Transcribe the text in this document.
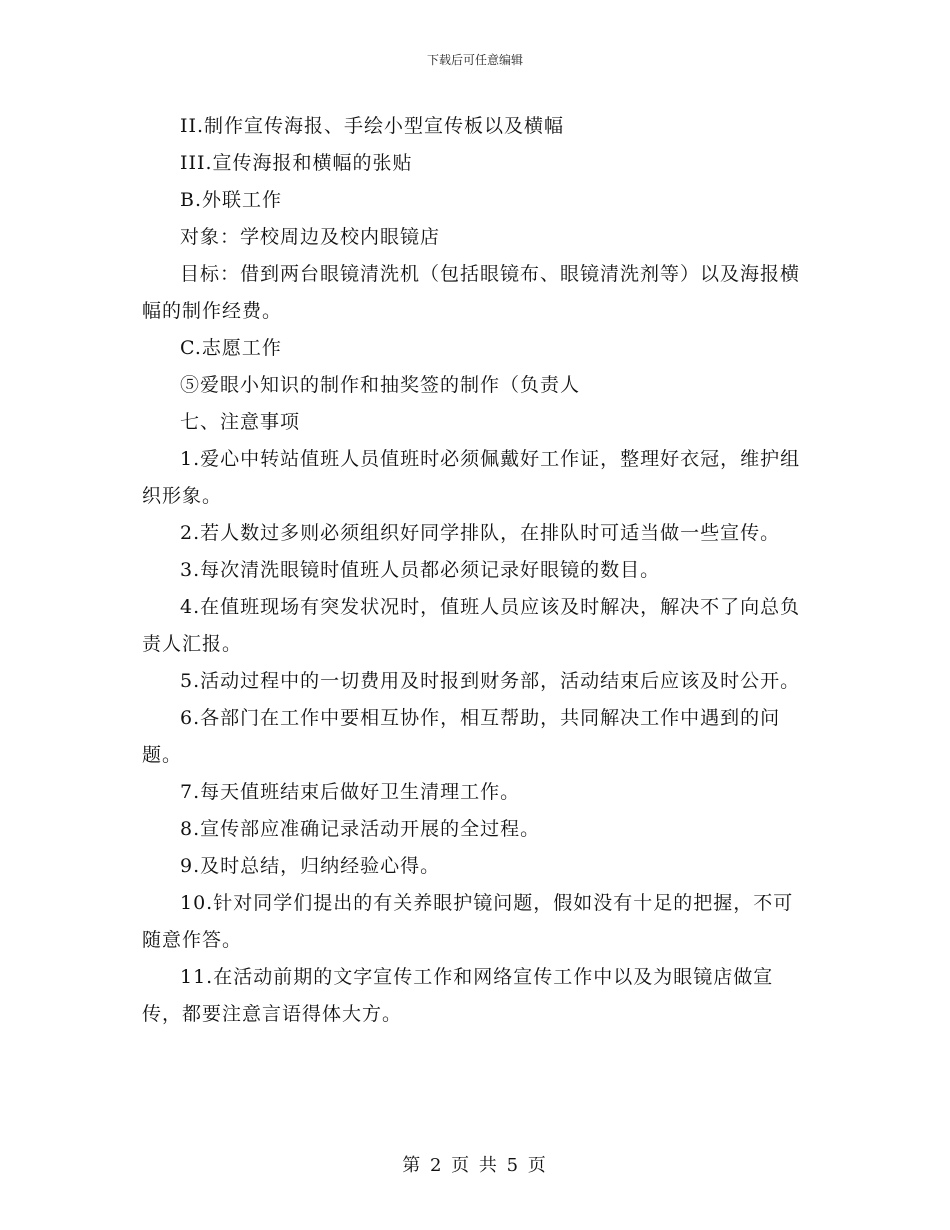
下载后可任意编辑

II.制作宣传海报、手绘小型宣传板以及横幅

III.宣传海报和横幅的张贴

B.外联工作

对象：学校周边及校内眼镜店

目标：借到两台眼镜清洗机（包括眼镜布、眼镜清洗剂等）以及海报横幅的制作经费。

C.志愿工作

⑤爱眼小知识的制作和抽奖签的制作（负责人

七、注意事项

1.爱心中转站值班人员值班时必须佩戴好工作证，整理好衣冠，维护组织形象。

2.若人数过多则必须组织好同学排队，在排队时可适当做一些宣传。

3.每次清洗眼镜时值班人员都必须记录好眼镜的数目。

4.在值班现场有突发状况时，值班人员应该及时解决，解决不了向总负责人汇报。

5.活动过程中的一切费用及时报到财务部，活动结束后应该及时公开。

6.各部门在工作中要相互协作，相互帮助，共同解决工作中遇到的问题。

7.每天值班结束后做好卫生清理工作。

8.宣传部应准确记录活动开展的全过程。

9.及时总结，归纳经验心得。

10.针对同学们提出的有关养眼护镜问题，假如没有十足的把握，不可随意作答。

11.在活动前期的文字宣传工作和网络宣传工作中以及为眼镜店做宣传，都要注意言语得体大方。

第 2 页 共 5 页
